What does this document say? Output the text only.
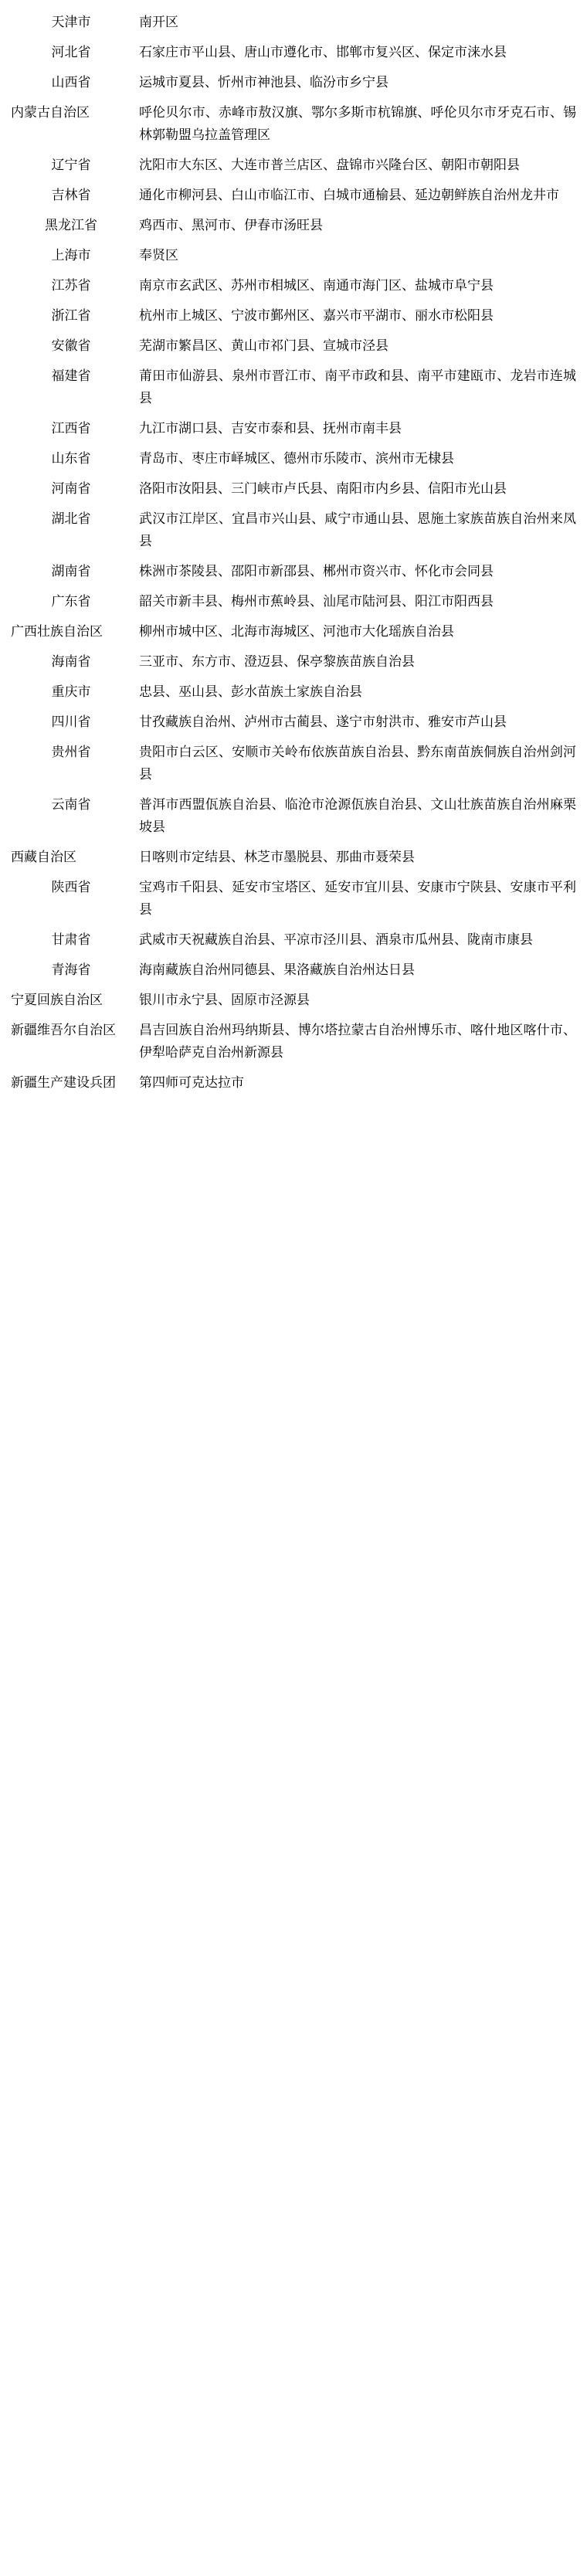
天津市	南开区
河北省	石家庄市平山县、唐山市遵化市、邯郸市复兴区、保定市涞水县
山西省	运城市夏县、忻州市神池县、临汾市乡宁县
内蒙古自治区	呼伦贝尔市、赤峰市敖汉旗、鄂尔多斯市杭锦旗、呼伦贝尔市牙克石市、锡林郭勒盟乌拉盖管理区
辽宁省	沈阳市大东区、大连市普兰店区、盘锦市兴隆台区、朝阳市朝阳县
吉林省	通化市柳河县、白山市临江市、白城市通榆县、延边朝鲜族自治州龙井市
黑龙江省	鸡西市、黑河市、伊春市汤旺县
上海市	奉贤区
江苏省	南京市玄武区、苏州市相城区、南通市海门区、盐城市阜宁县
浙江省	杭州市上城区、宁波市鄞州区、嘉兴市平湖市、丽水市松阳县
安徽省	芜湖市繁昌区、黄山市祁门县、宣城市泾县
福建省	莆田市仙游县、泉州市晋江市、南平市政和县、南平市建瓯市、龙岩市连城县
江西省	九江市湖口县、吉安市泰和县、抚州市南丰县
山东省	青岛市、枣庄市峄城区、德州市乐陵市、滨州市无棣县
河南省	洛阳市汝阳县、三门峡市卢氏县、南阳市内乡县、信阳市光山县
湖北省	武汉市江岸区、宜昌市兴山县、咸宁市通山县、恩施土家族苗族自治州来凤县
湖南省	株洲市茶陵县、邵阳市新邵县、郴州市资兴市、怀化市会同县
广东省	韶关市新丰县、梅州市蕉岭县、汕尾市陆河县、阳江市阳西县
广西壮族自治区	柳州市城中区、北海市海城区、河池市大化瑶族自治县
海南省	三亚市、东方市、澄迈县、保亭黎族苗族自治县
重庆市	忠县、巫山县、彭水苗族土家族自治县
四川省	甘孜藏族自治州、泸州市古蔺县、遂宁市射洪市、雅安市芦山县
贵州省	贵阳市白云区、安顺市关岭布依族苗族自治县、黔东南苗族侗族自治州剑河县
云南省	普洱市西盟佤族自治县、临沧市沧源佤族自治县、文山壮族苗族自治州麻栗坡县
西藏自治区	日喀则市定结县、林芝市墨脱县、那曲市聂荣县
陕西省	宝鸡市千阳县、延安市宝塔区、延安市宜川县、安康市宁陕县、安康市平利县
甘肃省	武威市天祝藏族自治县、平凉市泾川县、酒泉市瓜州县、陇南市康县
青海省	海南藏族自治州同德县、果洛藏族自治州达日县
宁夏回族自治区	银川市永宁县、固原市泾源县
新疆维吾尔自治区	昌吉回族自治州玛纳斯县、博尔塔拉蒙古自治州博乐市、喀什地区喀什市、伊犁哈萨克自治州新源县
新疆生产建设兵团	第四师可克达拉市
